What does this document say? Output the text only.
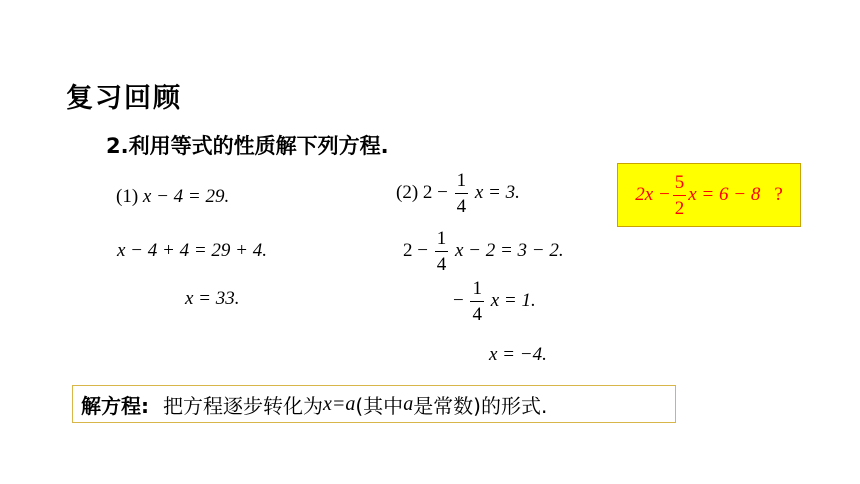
复习回顾
2.利用等式的性质解下列方程.
(1) x − 4 = 29.
x − 4 + 4 = 29 + 4.
x = 33.
(2) $2 - \frac{1}{4}$ x = 3.
$2 - \frac{1}{4}$ x − 2 = 3 − 2.
− $\frac{1}{4}$ x = 1.
x = −4.
$2x - \frac{5}{2}$ x = 6 − 8 ?
解方程: 把方程逐步转化为 x=a (其中 a 是常数)的形式.
